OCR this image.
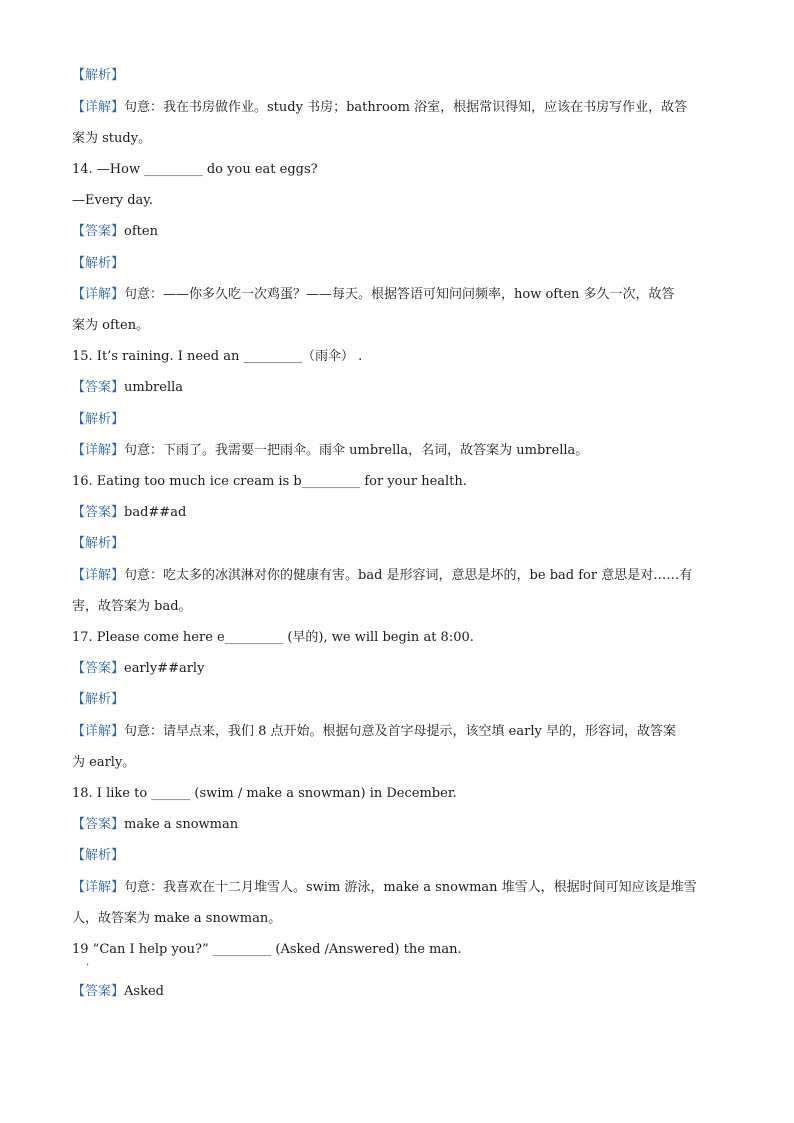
【解析】
【详解】句意：我在书房做作业。study 书房；bathroom 浴室，根据常识得知，应该在书房写作业，故答
案为 study。
14. —How _________ do you eat eggs?
—Every day.
【答案】often
【解析】
【详解】句意：——你多久吃一次鸡蛋？——每天。根据答语可知问问频率，how often 多久一次，故答
案为 often。
15. It’s raining. I need an _________（雨伞） .
【答案】umbrella
【解析】
【详解】句意：下雨了。我需要一把雨伞。雨伞 umbrella，名词，故答案为 umbrella。
16. Eating too much ice cream is b_________ for your health.
【答案】bad##ad
【解析】
【详解】句意：吃太多的冰淇淋对你的健康有害。bad 是形容词，意思是坏的，be bad for 意思是对……有
害，故答案为 bad。
17. Please come here e_________ (早的), we will begin at 8:00.
【答案】early##arly
【解析】
【详解】句意：请早点来，我们 8 点开始。根据句意及首字母提示，该空填 early 早的，形容词，故答案
为 early。
18. I like to ______ (swim / make a snowman) in December.
【答案】make a snowman
【解析】
【详解】句意：我喜欢在十二月堆雪人。swim 游泳，make a snowman 堆雪人，根据时间可知应该是堆雪
人，故答案为 make a snowman。
19 “Can I help you?” _________ (Asked /Answered) the man.
.
【答案】Asked
